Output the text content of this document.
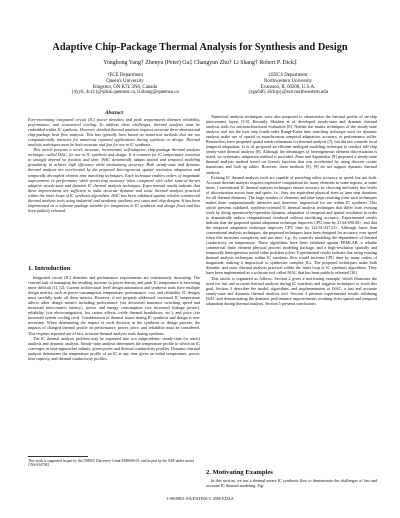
Adaptive Chip-Package Thermal Analysis for Synthesis and Design
Yonghong Yang† Zhenyu (Peter) Gu‡ Changyun Zhu† Li Shang† Robert P. Dick‡
†ECE Department
Queen's University
Kingston, ON K7L 3N6, Canada
{4yy6, 4cz1}@qlink.queensu.ca, li.shang@queensu.ca
‡EECS Department
Northwestern University
Evanston, IL 60208, U.S.A.
{zgu646, dickrp}@ece.northwestern.edu
Abstract

Ever-increasing integrated circuit (IC) power densities and peak temperatures threaten reliability, performance, and economical cooling. To address these challenges, thermal analysis must be embedded within IC synthesis. However, detailed thermal analysis requires accurate three-dimensional chip-package heat flow analysis. This has typically been based on numerical methods that are too computationally intensive for numerous repeated applications during synthesis or design. Thermal analysis techniques must be both accurate and fast for use in IC synthesis.

This article presents a novel, accurate, incremental, self-adaptive, chip-package thermal analysis technique, called ISAC, for use in IC synthesis and design. It is common for IC temperature variation to strongly depend on position and time. ISAC dynamically adapts spatial and temporal modeling granularity to achieve high efficiency while maintaining accuracy. Both steady-state and dynamic thermal analysis are accelerated by the proposed heterogeneous spatial resolution adaptation and temporally decoupled element time marching techniques. Each technique enables orders of magnitude improvement in performance while preserving accuracy when compared with other state-of-the-art adaptive steady-state and dynamic IC thermal analysis techniques. Experimental results indicate that these improvements are sufficient to make accurate dynamic and static thermal analysis practical within the inner loops of IC synthesis algorithms. ISAC has been validated against reliable commercial thermal analysis tools using industrial and academic synthesis test cases and chip designs. It has been implemented as a software package suitable for integration in IC synthesis and design flows and has been publicly released.

1. Introduction

Integrated circuit (IC) densities and performance requirements are continuously increasing. The conceal task of managing the resulting increase in power density and peak IC temperature is becoming more difficult [1], [2]. Current architectural level design automation and synthesis tools have multiple design metrics, such as power consumption, temperature, performance, cost, and reliability. IC designs must carefully trade off these metrics. However, if not properly addressed, increased IC temperature affects other design metrics including performance (via decreased transistor switching speed and increased interconnect latency), power and energy consumption (via increased leakage power), reliability (via electromigration, hot carrier effects, oxide thermal breakdown, etc.), and price (via increased system cooling cost). Consideration of thermal issues during IC synthesis and design is now necessary. When determining the impact of each decision in the synthesis or design process, the impacts of changed thermal profile on performance, power, price, and reliability must be considered. This requires repeated use of fast, accurate thermal analysis tools during synthesis.

The IC thermal analysis problem may be separated into two subproblems: steady-state (or static) analysis and dynamic analysis. Steady-state analysis determines the temperature profile to which an IC converges as time approaches infinity, given power and thermal conductivity profiles. Dynamic thermal analysis determines the temperature profile of an IC at any time given an initial temperature, power, heat capacity, and thermal conductivity profiles.

This work is supported in part by the NSERC Discovery Grant #388694-01, and in part by the NSF under award CNS-0347941.

Numerical analysis techniques were also proposed to characterize the thermal profile of on-chip interconnect layers [3-5]. Recently, Skadron et al. developed steady-state and dynamic thermal analysis tools for microarchitectural evaluation [6]. Neither the matrix techniques of the steady-state analysis tool nor the lock step fourth-order Runge-Kutta time marching technique used for dynamic analysis make use of spatial or asynchronous temporal adaptation, accuracy or performance suffer. Researchers have proposed spatial mesh refinement for thermal analysis [7], but did not consider local temporal adaptation. Li et al. proposed an efficient multigrid modeling technique to conduct full-chip steady-state thermal analysis [8]. Although the advantages of heterogeneous element discretization is noted, no systematic adaptation method is provided. Zhan and Sapatnekar [9] proposed a steady-state thermal analysis method based on Green's function that was accelerated by using discrete cosine transforms and look up tables. However, these methods [8], [9] do not support dynamic thermal analysis.

Existing IC thermal analysis tools are capable of providing either accuracy or speed, but not both. Accurate thermal analysis requires expensive computation for many elements in some regions, at some times. Conventional IC thermal analysis techniques ensure accuracy by choosing uniformly fine levels of discretization across time and space, i.e., they use equivalent physical sizes or time step durations for all thermal elements. The large number of elements and time steps resulting from such techniques makes them computationally intensive and, therefore, impractical for use within IC synthesis. This article presents validated, synthesis-oriented IC thermal analysis techniques that differ from existing work by doing operation-by-operation dynamic adaptation of temporal and spatial resolution in order to dramatically reduce computational overhead without sacrificing accuracy. Experimental results indicate that the proposed spatial adaptation technique improves CPU time by 21.64-690.00×, and that the temporal adaptation technique improves CPU time by 122.81-337.23×. Although faster than conventional analysis techniques, the proposed techniques have been designed for accuracy over speed when this increases complexity and run time, e.g., by correctly modeling the dependence of thermal conductivity on temperature. These algorithms have been validated against FEMLAB, a reliable commercial finite element physical process modeling package, and a high-resolution spatially and temporally homogeneous initial value problem solver. Experimental results indicate that using existing thermal analysis techniques within IC synthesis flow would increase CPU time by many orders of magnitude, making it impractical to synthesize complex ICs. The proposed techniques make both dynamic and static thermal analysis practical within the inner loop of IC synthesis algorithms. They have been implemented as a software tool called ISAC that has been publicly released [10].

This article is organized as follows. Section 2 gives a motivating example, which illustrates the need for fast and accurate thermal analysis during IC synthesis and suggests techniques to reach this goal. Section 3 describes the model, algorithms, and implementation of ISAC, a fast and accurate steady-state and dynamic thermal analysis tool. Section 4 presents experimental results validating ISAC and demonstrating the dramatic performance improvements resulting from spatial and temporal adaptation during thermal analysis. Section 5 presents conclusions.

2. Motivating Examples

In this section, we use a thermal-aware IC synthesis flow to demonstrate the challenges of fast and accurate IC thermal modeling. Fig-

3-9810801-0-8/DATE06 © 2006 EDAA
